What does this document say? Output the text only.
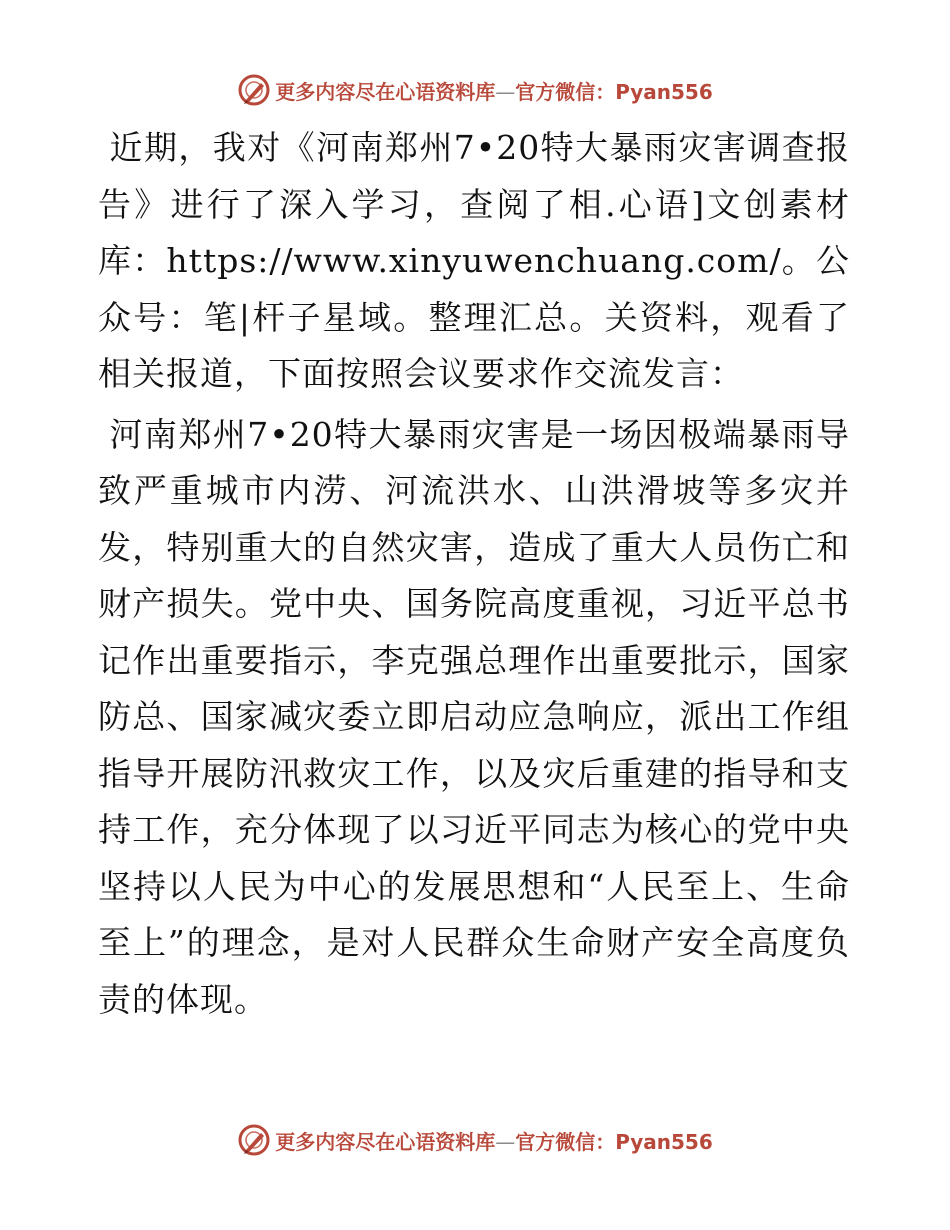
更多内容尽在心语资料库—官方微信：Pyan556

近期，我对《河南郑州7•20特大暴雨灾害调查报告》进行了深入学习，查阅了相.心语]文创素材库：https://www.xinyuwenchuang.com/。公众号：笔|杆子星域。整理汇总。关资料，观看了相关报道，下面按照会议要求作交流发言：

河南郑州7•20特大暴雨灾害是一场因极端暴雨导致严重城市内涝、河流洪水、山洪滑坡等多灾并发，特别重大的自然灾害，造成了重大人员伤亡和财产损失。党中央、国务院高度重视，习近平总书记作出重要指示，李克强总理作出重要批示，国家防总、国家减灾委立即启动应急响应，派出工作组指导开展防汛救灾工作，以及灾后重建的指导和支持工作，充分体现了以习近平同志为核心的党中央坚持以人民为中心的发展思想和“人民至上、生命至上”的理念，是对人民群众生命财产安全高度负责的体现。

更多内容尽在心语资料库—官方微信：Pyan556
